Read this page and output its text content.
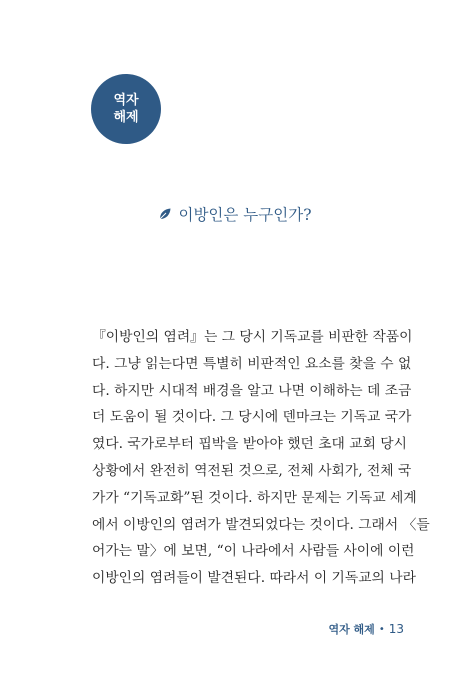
역자
해제
이방인은 누구인가?
『이방인의 염려』는 그 당시 기독교를 비판한 작품이
다. 그냥 읽는다면 특별히 비판적인 요소를 찾을 수 없
다. 하지만 시대적 배경을 알고 나면 이해하는 데 조금
더 도움이 될 것이다. 그 당시에 덴마크는 기독교 국가
였다. 국가로부터 핍박을 받아야 했던 초대 교회 당시
상황에서 완전히 역전된 것으로, 전체 사회가, 전체 국
가가 “기독교화”된 것이다. 하지만 문제는 기독교 세계
에서 이방인의 염려가 발견되었다는 것이다. 그래서 〈들
어가는 말〉에 보면, “이 나라에서 사람들 사이에 이런
이방인의 염려들이 발견된다. 따라서 이 기독교의 나라
역자 해제 • 13
